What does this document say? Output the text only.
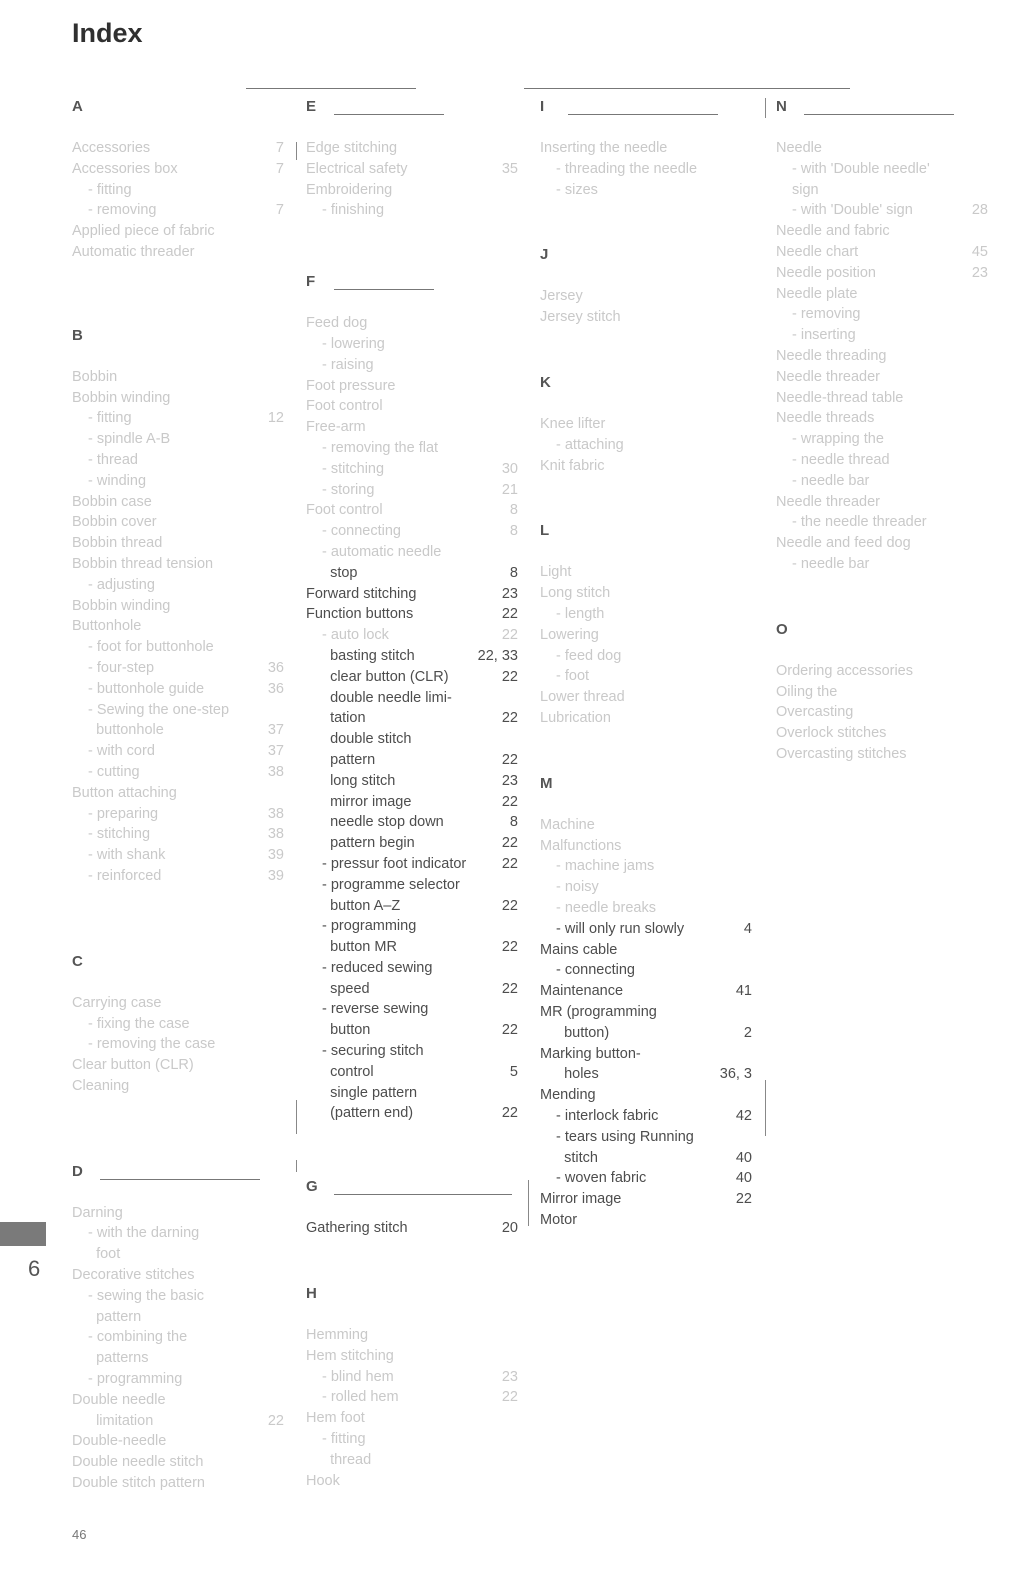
Index
A
Accessories	7
Accessories box	7
- fitting
- removing	7
Applied piece of fabric
Automatic threader
B
Bobbin
Bobbin winding
- fitting	12
- spindle A-B
- thread
- winding
Bobbin case
Bobbin cover
Bobbin thread
Bobbin thread tension
- adjusting
Bobbin winding
Buttonhole
- foot for buttonhole
- four-step	36
- buttonhole guide	36
- Sewing the one-step
buttonhole	37
- with cord	37
- cutting	38
Button attaching
- preparing	38
- stitching	38
- with shank	39
- reinforced	39
C
Carrying case
- fixing the case
- removing the case
Clear button (CLR)
Cleaning
D
Darning
- with the darning
foot
Decorative stitches
- sewing the basic
pattern
- combining the
patterns
- programming
Double needle
limitation	22
Double-needle
Double needle stitch
Double stitch pattern
E
Edge stitching
Electrical safety	35
Embroidering
- finishing
F
Feed dog
- lowering
- raising
Foot pressure
Foot control
Free-arm
- removing the flat
- stitching	30
- storing	21
Foot control	8
- connecting	8
- automatic needle
stop	8
Forward stitching	23
Function buttons	22
- auto lock	22
basting stitch	22, 33
clear button (CLR)	22
double needle limi-
tation	22
double stitch
pattern	22
long stitch	23
mirror image	22
needle stop down	8
pattern begin	22
- pressur foot indicator	22
- programme selector
button A–Z	22
- programming
button MR	22
- reduced sewing
speed	22
- reverse sewing
button	22
- securing stitch
control	5
single pattern
(pattern end)	22
G
Gathering stitch	20
H
Hemming
Hem stitching
- blind hem	23
- rolled hem	22
Hem foot
- fitting
thread
Hook
I
Inserting the needle
- threading the needle
- sizes
J
Jersey
Jersey stitch
K
Knee lifter
- attaching
Knit fabric
L
Light
Long stitch
- length
Lowering
- feed dog
- foot
Lower thread
Lubrication
M
Machine
Malfunctions
- machine jams
- noisy
- needle breaks
- will only run slowly	4
Mains cable
- connecting
Maintenance	41
MR (programming
button)	2
Marking button-
holes	36, 3
Mending
- interlock fabric	42
- tears using Running
stitch	40
- woven fabric	40
Mirror image	22
Motor
N
Needle
- with 'Double needle' sign
- with 'Double' sign	28
Needle and fabric
Needle chart	45
Needle position	23
Needle plate
- removing
- inserting
Needle threading
Needle threader
Needle-thread table
Needle threads
- wrapping the
- needle thread
- needle bar
Needle threader
- the needle threader
Needle and feed dog
- needle bar
O
Ordering accessories
Oiling the
Overcasting
Overlock stitches
Overcasting stitches
6
46
